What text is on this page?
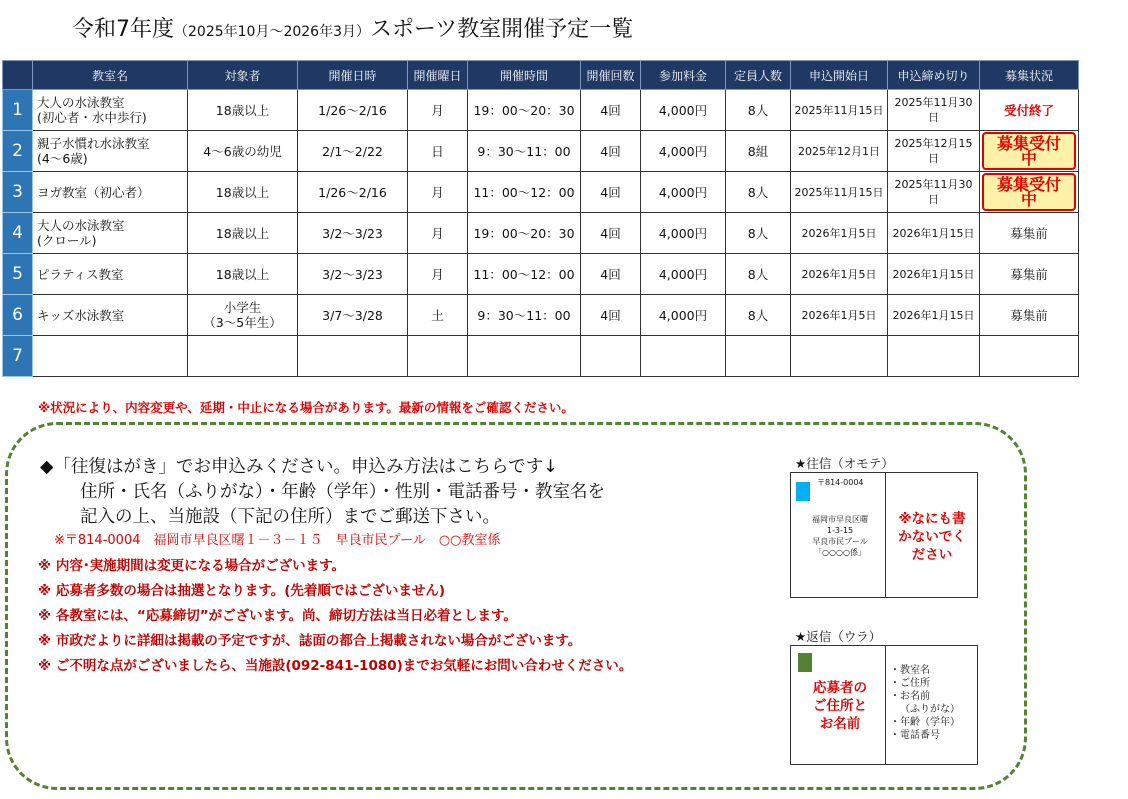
令和7年度（2025年10月～2026年3月）スポーツ教室開催予定一覧
	教室名	対象者	開催日時	開催曜日	開催時間	開催回数	参加料金	定員人数	申込開始日	申込締め切り	募集状況
1	大人の水泳教室
(初心者・水中歩行)	18歳以上	1/26～2/16	月	19：00～20：30	4回	4,000円	8人	2025年11月15日	2025年11月30日	受付終了
2	親子水慣れ水泳教室
(4～6歳)	4～6歳の幼児	2/1～2/22	日	9：30～11：00	4回	4,000円	8組	2025年12月1日	2025年12月15日	募集受付中
3	ヨガ教室（初心者）	18歳以上	1/26～2/16	月	11：00～12：00	4回	4,000円	8人	2025年11月15日	2025年11月30日	募集受付中
4	大人の水泳教室
(クロール)	18歳以上	3/2～3/23	月	19：00～20：30	4回	4,000円	8人	2026年1月5日	2026年1月15日	募集前
5	ピラティス教室	18歳以上	3/2～3/23	月	11：00～12：00	4回	4,000円	8人	2026年1月5日	2026年1月15日	募集前
6	キッズ水泳教室	小学生
（3～5年生）	3/7～3/28	土	9：30～11：00	4回	4,000円	8人	2026年1月5日	2026年1月15日	募集前
7											
※状況により、内容変更や、延期・中止になる場合があります。最新の情報をご確認ください。
◆「往復はがき」でお申込みください。申込み方法はこちらです↓
住所・氏名（ふりがな）・年齢（学年）・性別・電話番号・教室名を
記入の上、当施設（下記の住所）までご郵送下さい。
※〒814-0004　福岡市早良区曙１－３－１５　早良市民プール　○○教室係
※ 内容･実施期間は変更になる場合がございます。
※ 応募者多数の場合は抽選となります。(先着順ではございません)
※ 各教室には、“応募締切”がございます。尚、締切方法は当日必着とします。
※ 市政だよりに詳細は掲載の予定ですが、誌面の都合上掲載されない場合がございます。
※ ご不明な点がございましたら、当施設(092-841-1080)までお気軽にお問い合わせください。
★往信（オモテ）
〒814-0004
福岡市早良区曙
1-3-15
早良市民プール
「○○○○係」
※なにも書
かないでく
ださい
★返信（ウラ）
応募者の
ご住所と
お名前
・教室名
・ご住所
・お名前
（ふりがな）
・年齢（学年）
・電話番号
